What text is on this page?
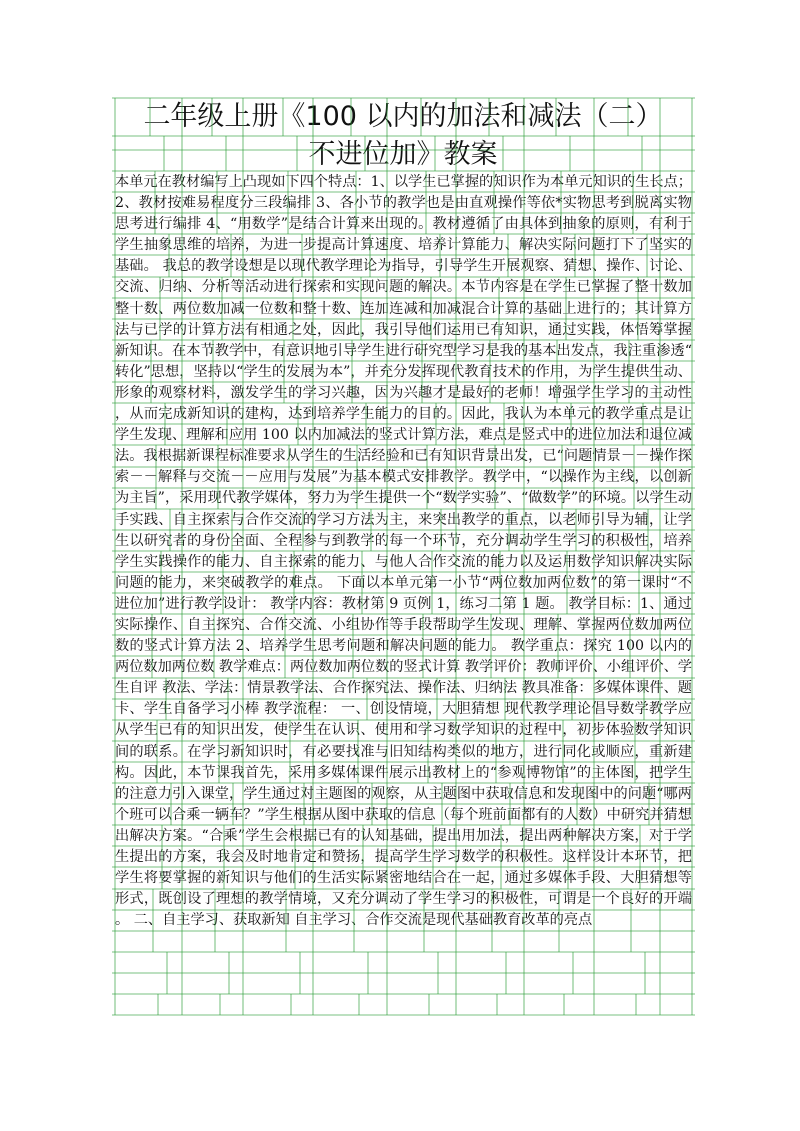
二年级上册《100 以内的加法和减法（二）
不进位加》教案
本单元在教材编写上凸现如下四个特点：1、以学生已掌握的知识作为本单元知识的生长点；2、教材按难易程度分三段编排 3、各小节的教学也是由直观操作等依*实物思考到脱离实物思考进行编排 4、“用数学”是结合计算来出现的。教材遵循了由具体到抽象的原则，有利于学生抽象思维的培养，为进一步提高计算速度、培养计算能力、解决实际问题打下了坚实的基础。 我总的教学设想是以现代教学理论为指导，引导学生开展观察、猜想、操作、讨论、交流、归纳、分析等活动进行探索和实现问题的解决。本节内容是在学生已掌握了整十数加整十数、两位数加减一位数和整十数、连加连减和加减混合计算的基础上进行的；其计算方法与已学的计算方法有相通之处，因此，我引导他们运用已有知识，通过实践，体悟筹掌握新知识。在本节教学中，有意识地引导学生进行研究型学习是我的基本出发点，我注重渗透“转化”思想，坚持以“学生的发展为本”，并充分发挥现代教育技术的作用，为学生提供生动、形象的观察材料，激发学生的学习兴趣，因为兴趣才是最好的老师！增强学生学习的主动性，从而完成新知识的建构，达到培养学生能力的目的。因此，我认为本单元的教学重点是让学生发现、理解和应用 100 以内加减法的竖式计算方法，难点是竖式中的进位加法和退位减法。我根据新课程标准要求从学生的生活经验和已有知识背景出发，已“问题情景－－操作探索－－解释与交流－－应用与发展”为基本模式安排教学。教学中，“以操作为主线，以创新为主旨”，采用现代教学媒体，努力为学生提供一个“数学实验”、“做数学”的环境。以学生动手实践、自主探索与合作交流的学习方法为主，来突出教学的重点，以老师引导为辅，让学生以研究者的身份全面、全程参与到教学的每一个环节，充分调动学生学习的积极性，培养学生实践操作的能力、自主探索的能力、与他人合作交流的能力以及运用数学知识解决实际问题的能力，来突破教学的难点。 下面以本单元第一小节“两位数加两位数”的第一课时“不进位加”进行教学设计： 教学内容：教材第 9 页例 1，练习二第 1 题。 教学目标：1、通过实际操作、自主探究、合作交流、小组协作等手段帮助学生发现、理解、掌握两位数加两位数的竖式计算方法 2、培养学生思考问题和解决问题的能力。 教学重点：探究 100 以内的两位数加两位数 教学难点：两位数加两位数的竖式计算 教学评价：教师评价、小组评价、学生自评 教法、学法：情景教学法、合作探究法、操作法、归纳法 教具准备：多媒体课件、题卡、学生自备学习小棒 教学流程： 一、创设情境，大胆猜想 现代教学理论倡导数学教学应从学生已有的知识出发，使学生在认识、使用和学习数学知识的过程中，初步体验数学知识间的联系。在学习新知识时，有必要找准与旧知结构类似的地方，进行同化或顺应，重新建构。因此，本节课我首先，采用多媒体课件展示出教材上的“参观博物馆”的主体图，把学生的注意力引入课堂，学生通过对主题图的观察，从主题图中获取信息和发现图中的问题“哪两个班可以合乘一辆车？”学生根据从图中获取的信息（每个班前面都有的人数）中研究并猜想出解决方案。“合乘”学生会根据已有的认知基础，提出用加法，提出两种解决方案，对于学生提出的方案，我会及时地肯定和赞扬，提高学生学习数学的积极性。这样设计本环节，把学生将要掌握的新知识与他们的生活实际紧密地结合在一起，通过多媒体手段、大胆猜想等形式，既创设了理想的教学情境，又充分调动了学生学习的积极性，可谓是一个良好的开端。 二、自主学习、获取新知 自主学习、合作交流是现代基础教育改革的亮点
